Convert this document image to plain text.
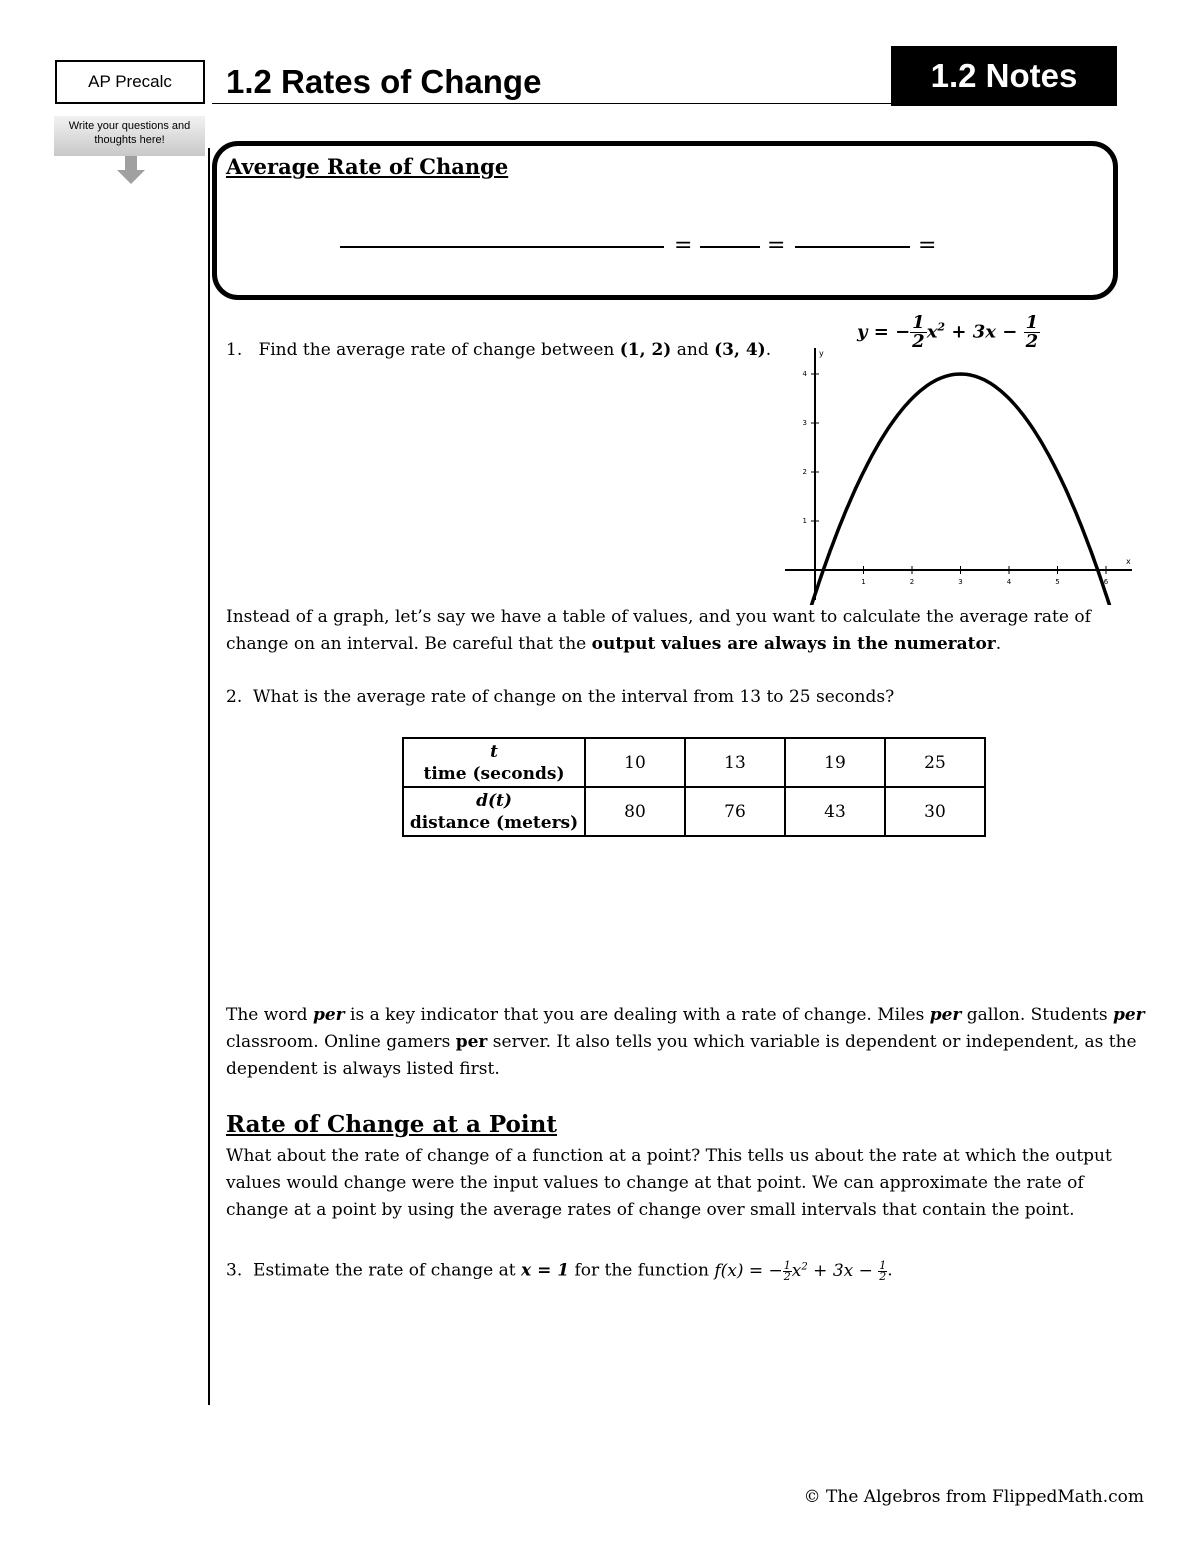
AP Precalc
Write your questions and thoughts here!
1.2 Rates of Change	1.2 Notes
Average Rate of Change
=	=	=
1. Find the average rate of change between (1, 2) and (3, 4).
y = − $\frac{1}{2} x^2 + 3x - \frac{1}{2}$
1	2	3	4	5	6
1
2
3
4
x
y
Instead of a graph, let’s say we have a table of values, and you want to calculate the average rate of change on an interval. Be careful that the output values are always in the numerator.
2. What is the average rate of change on the interval from 13 to 25 seconds?
t
time (seconds)	10	13	19	25
d(t)
distance (meters)	80	76	43	30
The word per is a key indicator that you are dealing with a rate of change. Miles per gallon. Students per classroom. Online gamers per server. It also tells you which variable is dependent or independent, as the dependent is always listed first.
Rate of Change at a Point
What about the rate of change of a function at a point? This tells us about the rate at which the output values would change were the input values to change at that point. We can approximate the rate of change at a point by using the average rates of change over small intervals that contain the point.
3. Estimate the rate of change at x = 1 for the function f(x) = − $\frac{1}{2} x^2 + 3x - \frac{1}{2}$ .
© The Algebros from FlippedMath.com
